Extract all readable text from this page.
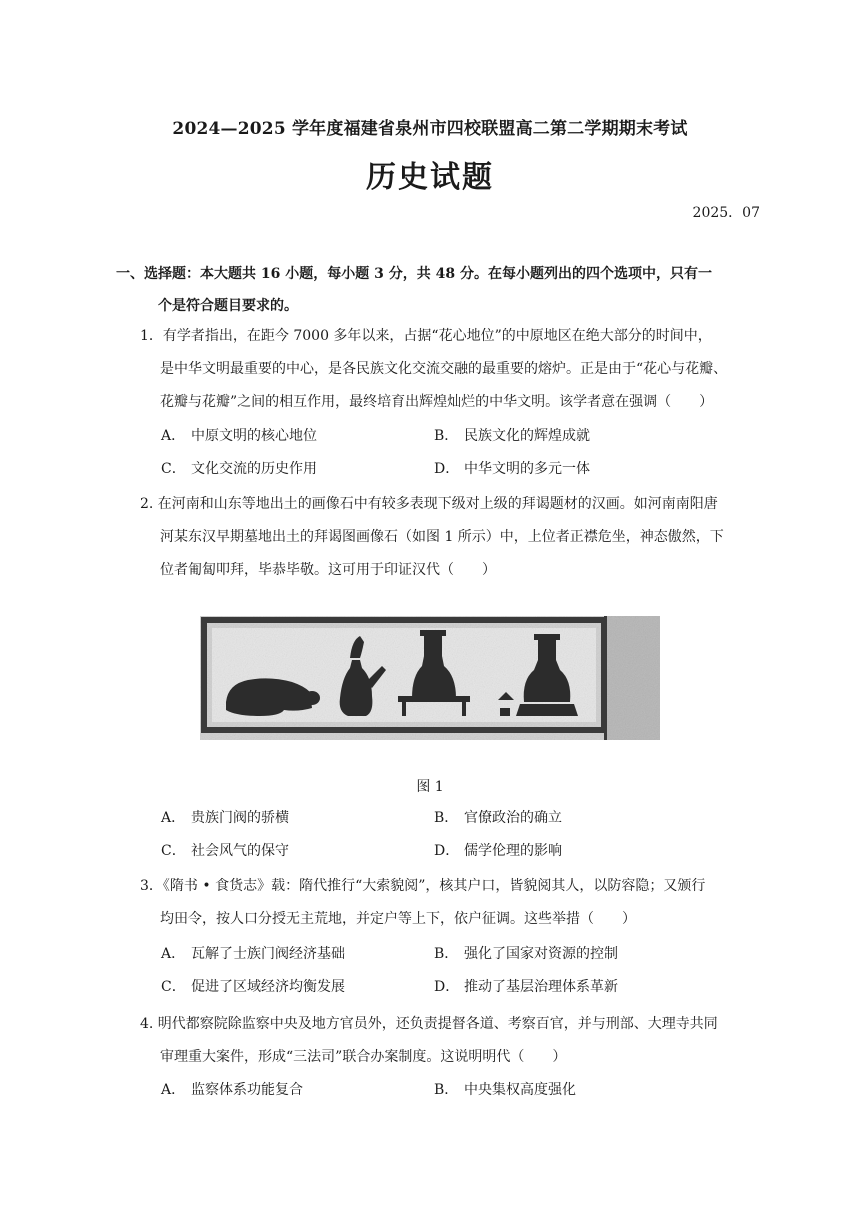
2024—2025 学年度福建省泉州市四校联盟高二第二学期期末考试
历史试题
2025．07
一、选择题：本大题共 16 小题，每小题 3 分，共 48 分。在每小题列出的四个选项中，只有一
个是符合题目要求的。
1．有学者指出，在距今 7000 多年以来，占据“花心地位”的中原地区在绝大部分的时间中，
是中华文明最重要的中心，是各民族文化交流交融的最重要的熔炉。正是由于“花心与花瓣、
花瓣与花瓣”之间的相互作用，最终培育出辉煌灿烂的中华文明。该学者意在强调（　　）
A． 中原文明的核心地位	B． 民族文化的辉煌成就
C． 文化交流的历史作用	D． 中华文明的多元一体
2. 在河南和山东等地出土的画像石中有较多表现下级对上级的拜谒题材的汉画。如河南南阳唐
河某东汉早期墓地出土的拜谒图画像石（如图 1 所示）中，上位者正襟危坐，神态傲然，下
位者匍匐叩拜，毕恭毕敬。这可用于印证汉代（　　）
图 1
A． 贵族门阀的骄横	B． 官僚政治的确立
C． 社会风气的保守	D． 儒学伦理的影响
3．《隋书 • 食货志》载：隋代推行“大索貌阅”，核其户口，皆貌阅其人，以防容隐；又颁行
均田令，按人口分授无主荒地，并定户等上下，依户征调。这些举措（　　）
A． 瓦解了士族门阀经济基础	B． 强化了国家对资源的控制
C． 促进了区域经济均衡发展	D． 推动了基层治理体系革新
4. 明代都察院除监察中央及地方官员外，还负责提督各道、考察百官，并与刑部、大理寺共同
审理重大案件，形成“三法司”联合办案制度。这说明明代（　　）
A． 监察体系功能复合	B． 中央集权高度强化
